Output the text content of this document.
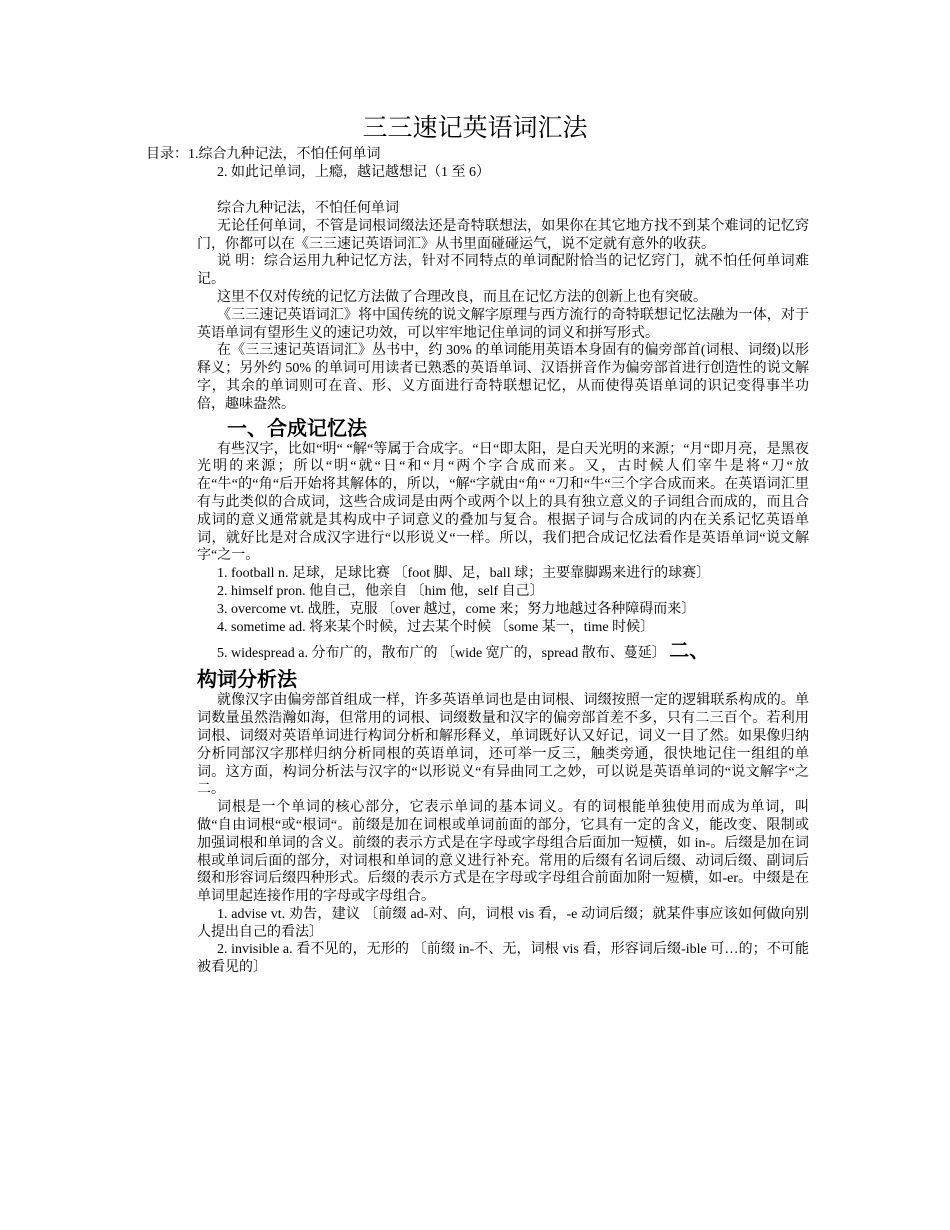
三三速记英语词汇法
目录：1.综合九种记法，不怕任何单词
2. 如此记单词，上瘾，越记越想记（1 至 6）

综合九种记法，不怕任何单词

无论任何单词，不管是词根词缀法还是奇特联想法，如果你在其它地方找不到某个难词的记忆窍门，你都可以在《三三速记英语词汇》从书里面碰碰运气，说不定就有意外的收获。

说 明：综合运用九种记忆方法，针对不同特点的单词配附恰当的记忆窍门，就不怕任何单词难记。

这里不仅对传统的记忆方法做了合理改良，而且在记忆方法的创新上也有突破。

《三三速记英语词汇》将中国传统的说文解字原理与西方流行的奇特联想记忆法融为一体，对于英语单词有望形生义的速记功效，可以牢牢地记住单词的词义和拼写形式。

在《三三速记英语词汇》丛书中，约 30% 的单词能用英语本身固有的偏旁部首(词根、词缀)以形释义；另外约 50% 的单词可用读者已熟悉的英语单词、汉语拼音作为偏旁部首进行创造性的说文解字，其余的单词则可在音、形、义方面进行奇特联想记忆，从而使得英语单词的识记变得事半功倍，趣味盎然。

一、合成记忆法

有些汉字，比如“明“ “解“等属于合成字。“日“即太阳，是白天光明的来源；“月“即月亮，是黑夜光明的来源；所以“明“就“日“和“月“两个字合成而来。又，古时候人们宰牛是将“刀“放在“牛“的“角“后开始将其解体的，所以，“解“字就由“角“ “刀和“牛“三个字合成而来。在英语词汇里有与此类似的合成词，这些合成词是由两个或两个以上的具有独立意义的子词组合而成的，而且合成词的意义通常就是其构成中子词意义的叠加与复合。根据子词与合成词的内在关系记忆英语单词，就好比是对合成汉字进行“以形说义“一样。所以，我们把合成记忆法看作是英语单词“说文解字“之一。

1. football n. 足球，足球比赛 〔foot 脚、足，ball 球；主要靠脚踢来进行的球赛〕

2. himself pron. 他自己，他亲自 〔him 他，self 自己〕

3. overcome vt. 战胜，克服 〔over 越过，come 来；努力地越过各种障碍而来〕

4. sometime ad. 将来某个时候，过去某个时候 〔some 某一，time 时候〕

5. widespread a. 分布广的，散布广的 〔wide 宽广的，spread 散布、蔓延〕 二、

构词分析法

就像汉字由偏旁部首组成一样，许多英语单词也是由词根、词缀按照一定的逻辑联系构成的。单词数量虽然浩瀚如海，但常用的词根、词缀数量和汉字的偏旁部首差不多，只有二三百个。若利用词根、词缀对英语单词进行构词分析和解形释义，单词既好认又好记，词义一目了然。如果像归纳分析同部汉字那样归纳分析同根的英语单词，还可举一反三，触类旁通，很快地记住一组组的单词。这方面，构词分析法与汉字的“以形说义“有异曲同工之妙，可以说是英语单词的“说文解字“之二。

词根是一个单词的核心部分，它表示单词的基本词义。有的词根能单独使用而成为单词，叫做“自由词根“或“根词“。前缀是加在词根或单词前面的部分，它具有一定的含义，能改变、限制或加强词根和单词的含义。前缀的表示方式是在字母或字母组合后面加一短横，如 in-。后缀是加在词根或单词后面的部分，对词根和单词的意义进行补充。常用的后缀有名词后缀、动词后缀、副词后缀和形容词后缀四种形式。后缀的表示方式是在字母或字母组合前面加附一短横，如-er。中缀是在单词里起连接作用的字母或字母组合。

1. advise vt. 劝告，建议 〔前缀 ad-对、向，词根 vis 看，-e 动词后缀；就某件事应该如何做向别人提出自己的看法〕

2. invisible a. 看不见的，无形的 〔前缀 in-不、无，词根 vis 看，形容词后缀-ible 可…的；不可能被看见的〕
